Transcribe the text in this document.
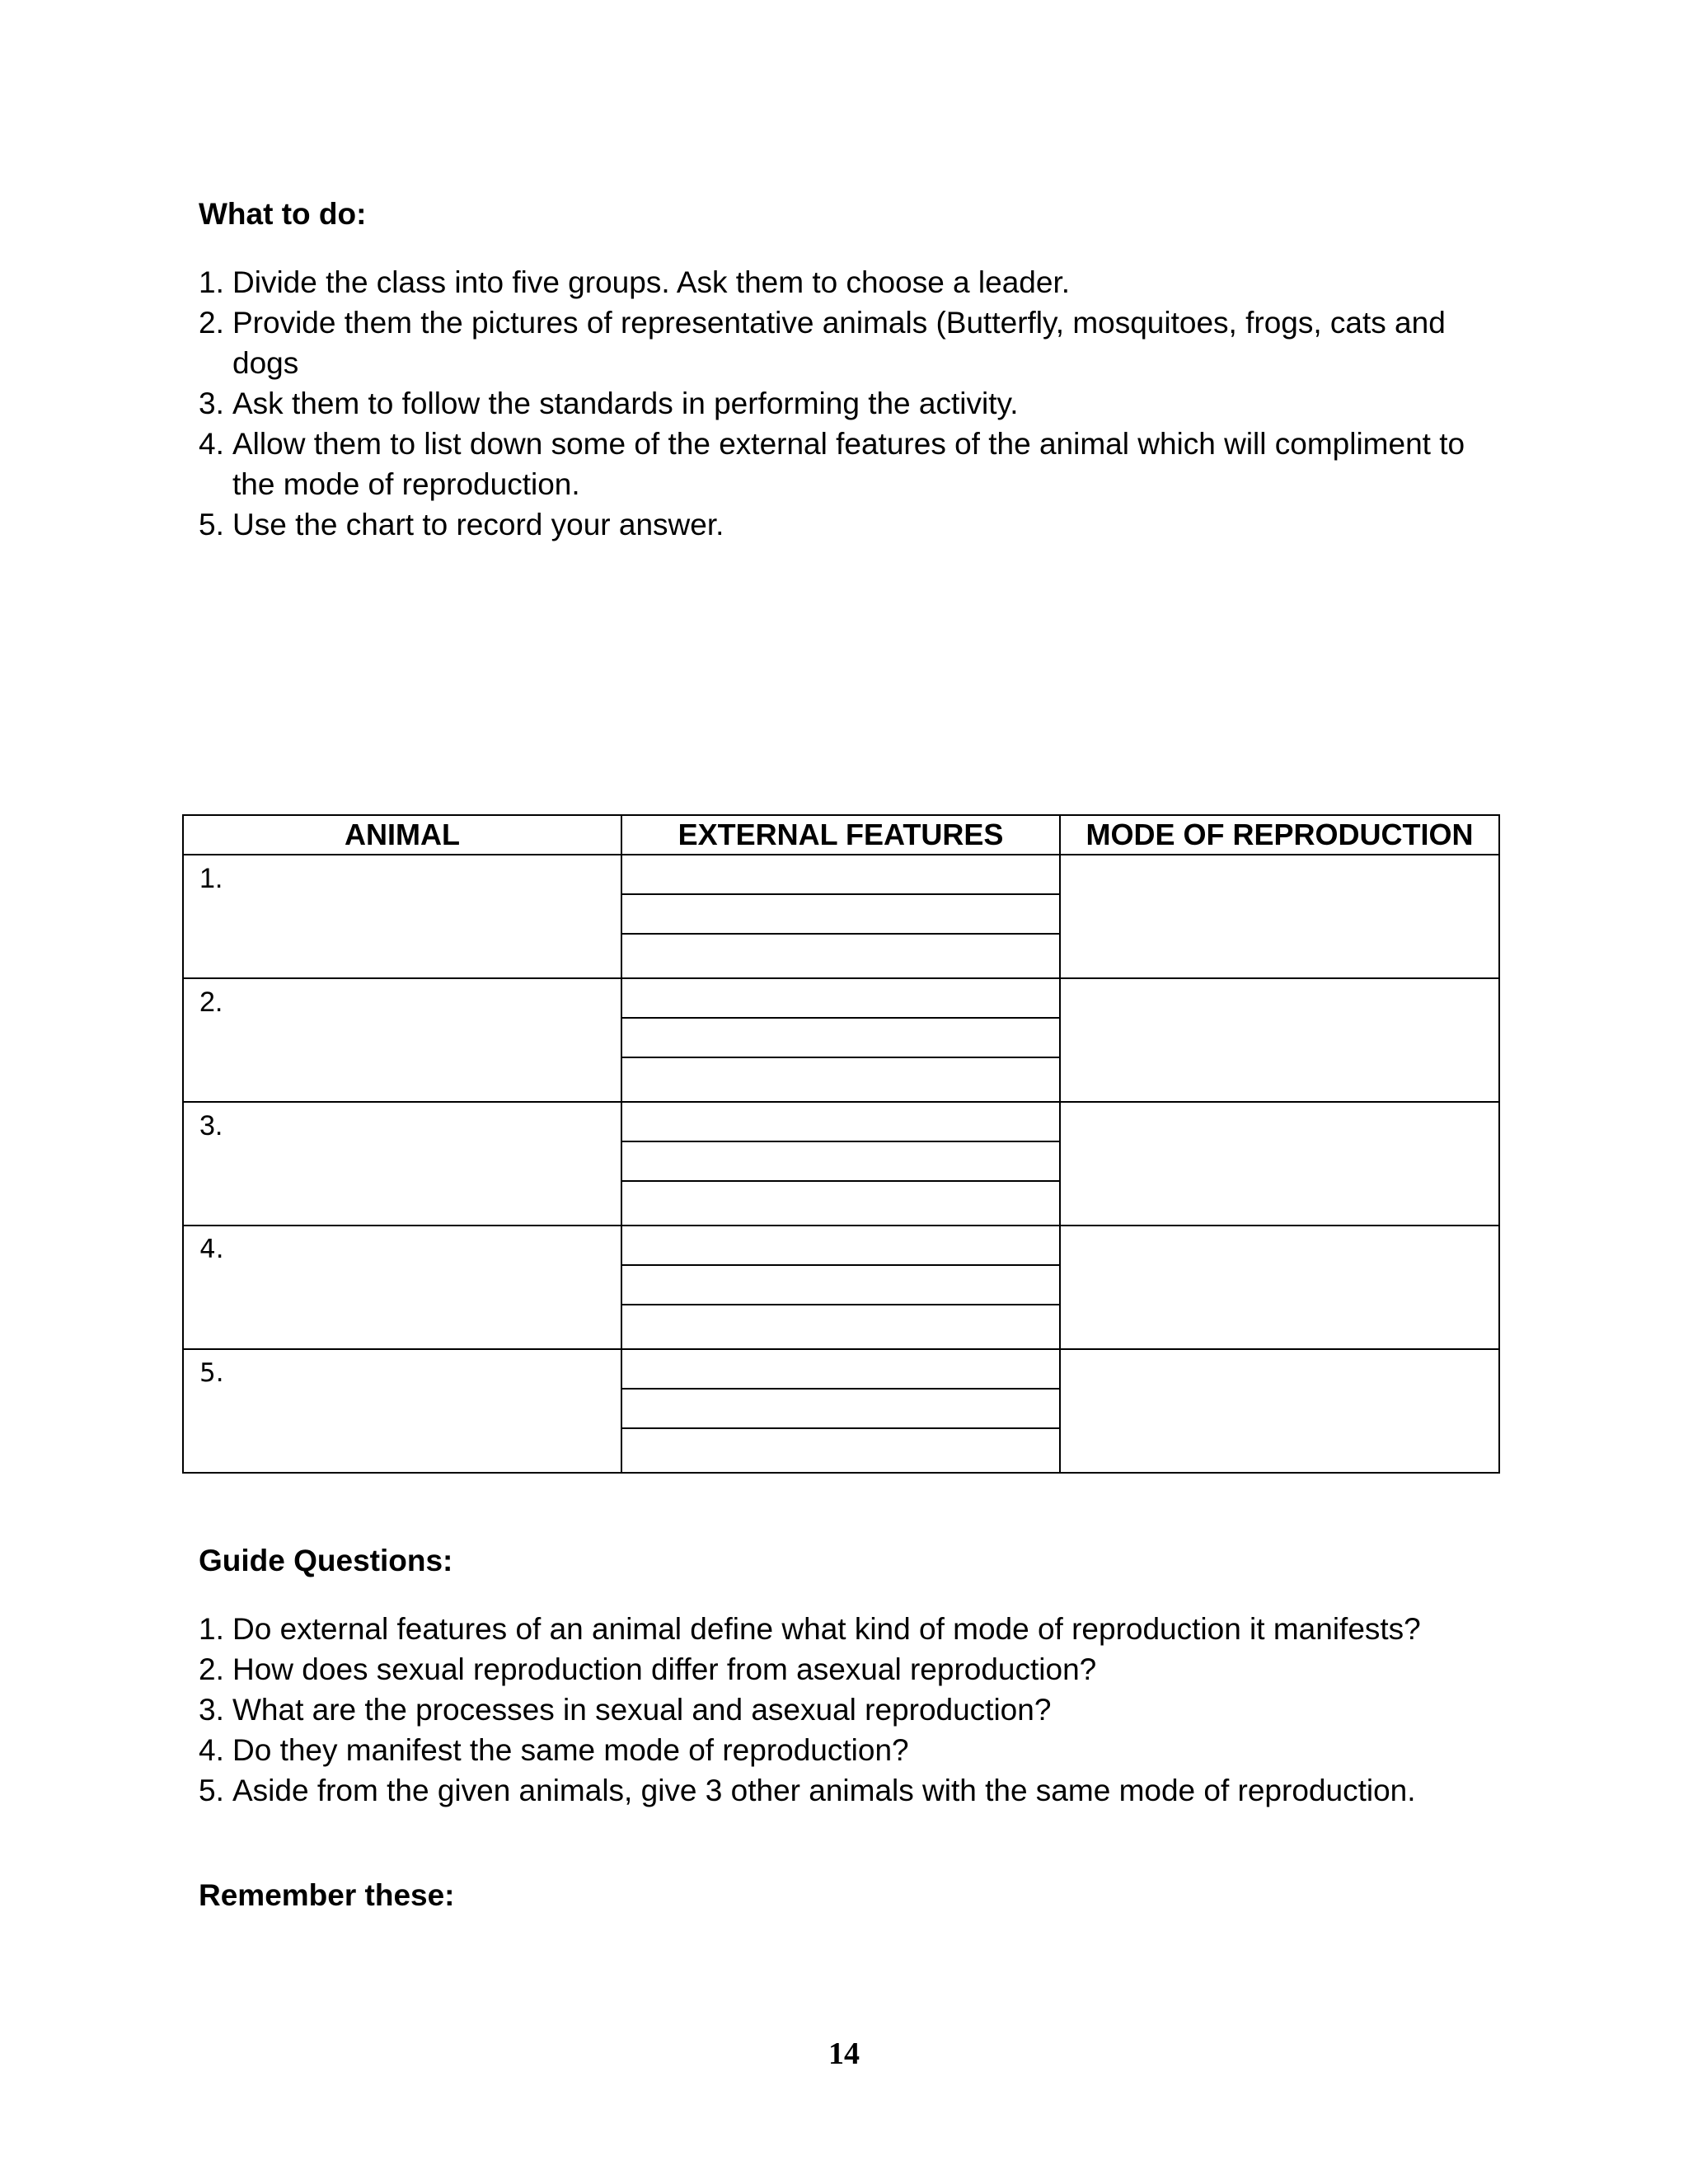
What to do:
1. Divide the class into five groups. Ask them to choose a leader.
2. Provide them the pictures of representative animals (Butterfly, mosquitoes, frogs, cats and dogs
3. Ask them to follow the standards in performing the activity.
4. Allow them to list down some of the external features of the animal which will compliment to the mode of reproduction.
5. Use the chart to record your answer.
ANIMAL	EXTERNAL FEATURES	MODE OF REPRODUCTION

1.		

2.		

3.		

4.		

5.		

Guide Questions:
1. Do external features of an animal define what kind of mode of reproduction it manifests?
2. How does sexual reproduction differ from asexual reproduction?
3. What are the processes in sexual and asexual reproduction?
4. Do they manifest the same mode of reproduction?
5. Aside from the given animals, give 3 other animals with the same mode of reproduction.
Remember these:
14
